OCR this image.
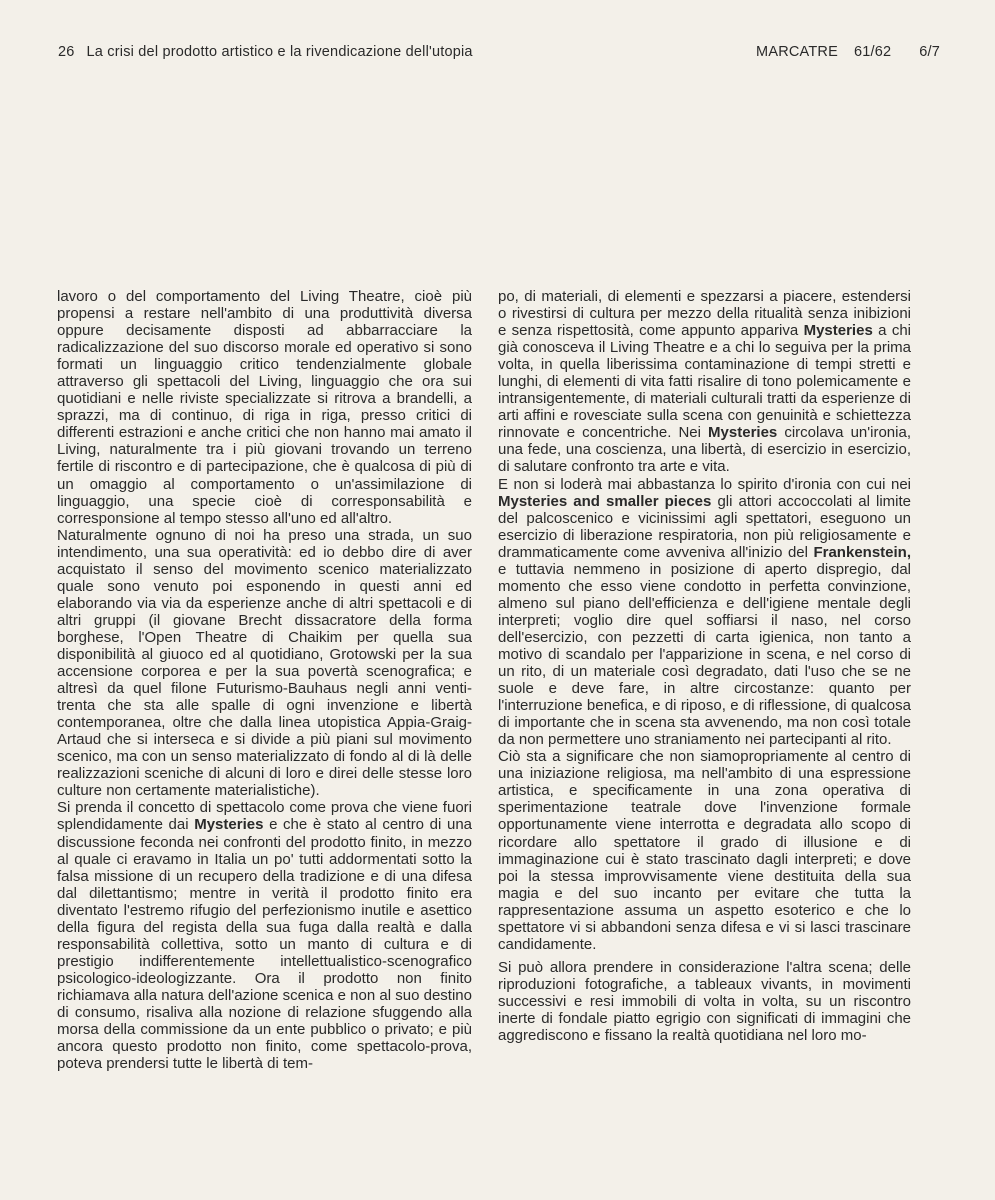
26 La crisi del prodotto artistico e la rivendicazione dell'utopia	MARCATRE 61/62 6/7

lavoro o del comportamento del Living Theatre, cioè più propensi a restare nell'ambito di una produttività diversa oppure decisamente disposti ad abbarracciare la radicalizzazione del suo discorso morale ed operativo si sono formati un linguaggio critico tendenzialmente globale attraverso gli spettacoli del Living, linguaggio che ora sui quotidiani e nelle riviste specializzate si ritrova a brandelli, a sprazzi, ma di continuo, di riga in riga, presso critici di differenti estrazioni e anche critici che non hanno mai amato il Living, naturalmente tra i più giovani trovando un terreno fertile di riscontro e di partecipazione, che è qualcosa di più di un omaggio al comportamento o un'assimilazione di linguaggio, una specie cioè di corresponsabilità e corresponsione al tempo stesso all'uno ed all'altro.

Naturalmente ognuno di noi ha preso una strada, un suo intendimento, una sua operatività: ed io debbo dire di aver acquistato il senso del movimento scenico materializzato quale sono venuto poi esponendo in questi anni ed elaborando via via da esperienze anche di altri spettacoli e di altri gruppi (il giovane Brecht dissacratore della forma borghese, l'Open Theatre di Chaikim per quella sua disponibilità al giuoco ed al quotidiano, Grotowski per la sua accensione corporea e per la sua povertà scenografica; e altresì da quel filone Futurismo-Bauhaus negli anni venti-trenta che sta alle spalle di ogni invenzione e libertà contemporanea, oltre che dalla linea utopistica Appia-Graig-Artaud che si interseca e si divide a più piani sul movimento scenico, ma con un senso materializzato di fondo al di là delle realizzazioni sceniche di alcuni di loro e direi delle stesse loro culture non certamente materialistiche).

Si prenda il concetto di spettacolo come prova che viene fuori splendidamente dai Mysteries e che è stato al centro di una discussione feconda nei confronti del prodotto finito, in mezzo al quale ci eravamo in Italia un po' tutti addormentati sotto la falsa missione di un recupero della tradizione e di una difesa dal dilettantismo; mentre in verità il prodotto finito era diventato l'estremo rifugio del perfezionismo inutile e asettico della figura del regista della sua fuga dalla realtà e dalla responsabilità collettiva, sotto un manto di cultura e di prestigio indifferentemente intellettualistico-scenografico psicologico-ideologizzante. Ora il prodotto non finito richiamava alla natura dell'azione scenica e non al suo destino di consumo, risaliva alla nozione di relazione sfuggendo alla morsa della commissione da un ente pubblico o privato; e più ancora questo prodotto non finito, come spettacolo-prova, poteva prendersi tutte le libertà di tem-

po, di materiali, di elementi e spezzarsi a piacere, estendersi o rivestirsi di cultura per mezzo della ritualità senza inibizioni e senza rispettosità, come appunto appariva Mysteries a chi già conosceva il Living Theatre e a chi lo seguiva per la prima volta, in quella liberissima contaminazione di tempi stretti e lunghi, di elementi di vita fatti risalire di tono polemicamente e intransigentemente, di materiali culturali tratti da esperienze di arti affini e rovesciate sulla scena con genuinità e schiettezza rinnovate e concentriche. Nei Mysteries circolava un'ironia, una fede, una coscienza, una libertà, di esercizio in esercizio, di salutare confronto tra arte e vita.

E non si loderà mai abbastanza lo spirito d'ironia con cui nei Mysteries and smaller pieces gli attori accoccolati al limite del palcoscenico e vicinissimi agli spettatori, eseguono un esercizio di liberazione respiratoria, non più religiosamente e drammaticamente come avveniva all'inizio del Frankenstein, e tuttavia nemmeno in posizione di aperto dispregio, dal momento che esso viene condotto in perfetta convinzione, almeno sul piano dell'efficienza e dell'igiene mentale degli interpreti; voglio dire quel soffiarsi il naso, nel corso dell'esercizio, con pezzetti di carta igienica, non tanto a motivo di scandalo per l'apparizione in scena, e nel corso di un rito, di un materiale così degradato, dati l'uso che se ne suole e deve fare, in altre circostanze: quanto per l'interruzione benefica, e di riposo, e di riflessione, di qualcosa di importante che in scena sta avvenendo, ma non così totale da non permettere uno straniamento nei partecipanti al rito.

Ciò sta a significare che non siamopropriamente al centro di una iniziazione religiosa, ma nell'ambito di una espressione artistica, e specificamente in una zona operativa di sperimentazione teatrale dove l'invenzione formale opportunamente viene interrotta e degradata allo scopo di ricordare allo spettatore il grado di illusione e di immaginazione cui è stato trascinato dagli interpreti; e dove poi la stessa improvvisamente viene destituita della sua magia e del suo incanto per evitare che tutta la rappresentazione assuma un aspetto esoterico e che lo spettatore vi si abbandoni senza difesa e vi si lasci trascinare candidamente.

Si può allora prendere in considerazione l'altra scena; delle riproduzioni fotografiche, a tableaux vivants, in movimenti successivi e resi immobili di volta in volta, su un riscontro inerte di fondale piatto egrigio con significati di immagini che aggrediscono e fissano la realtà quotidiana nel loro mo-
